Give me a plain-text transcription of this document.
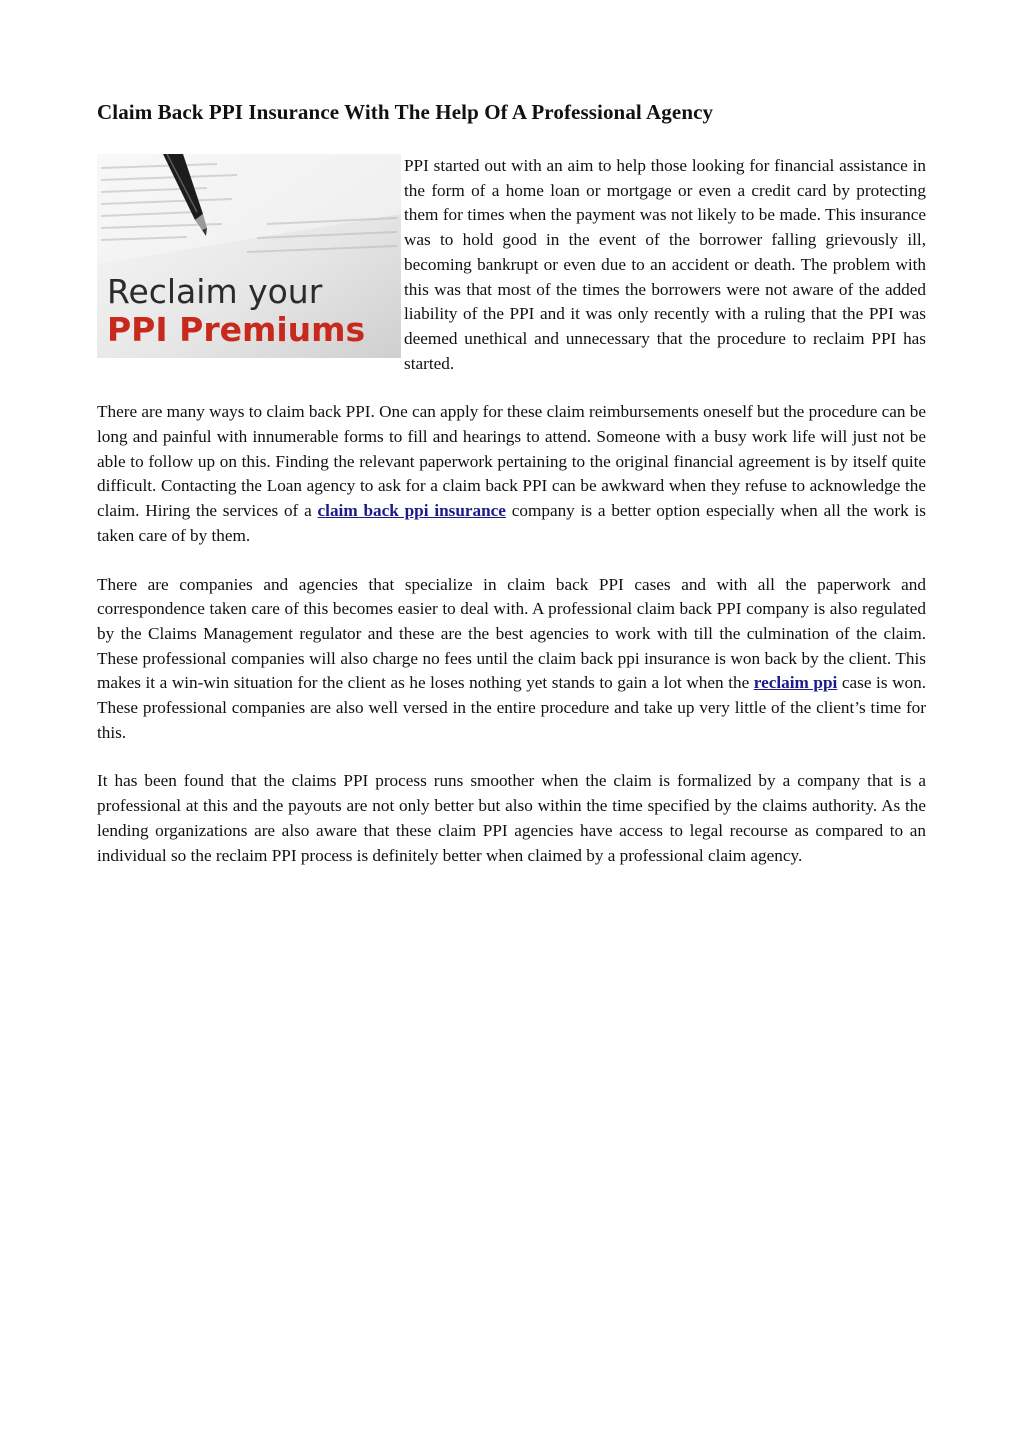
Claim Back PPI Insurance With The Help Of A Professional Agency
Reclaim your
PPI Premiums

PPI started out with an aim to help those looking for financial assistance in the form of a home loan or mortgage or even a credit card by protecting them for times when the payment was not likely to be made. This insurance was to hold good in the event of the borrower falling grievously ill, becoming bankrupt or even due to an accident or death. The problem with this was that most of the times the borrowers were not aware of the added liability of the PPI and it was only recently with a ruling that the PPI was deemed unethical and unnecessary that the procedure to reclaim PPI has started.

There are many ways to claim back PPI. One can apply for these claim reimbursements oneself but the procedure can be long and painful with innumerable forms to fill and hearings to attend. Someone with a busy work life will just not be able to follow up on this. Finding the relevant paperwork pertaining to the original financial agreement is by itself quite difficult. Contacting the Loan agency to ask for a claim back PPI can be awkward when they refuse to acknowledge the claim. Hiring the services of a claim back ppi insurance company is a better option especially when all the work is taken care of by them.

There are companies and agencies that specialize in claim back PPI cases and with all the paperwork and correspondence taken care of this becomes easier to deal with. A professional claim back PPI company is also regulated by the Claims Management regulator and these are the best agencies to work with till the culmination of the claim. These professional companies will also charge no fees until the claim back ppi insurance is won back by the client. This makes it a win-win situation for the client as he loses nothing yet stands to gain a lot when the reclaim ppi case is won. These professional companies are also well versed in the entire procedure and take up very little of the client’s time for this.

It has been found that the claims PPI process runs smoother when the claim is formalized by a company that is a professional at this and the payouts are not only better but also within the time specified by the claims authority. As the lending organizations are also aware that these claim PPI agencies have access to legal recourse as compared to an individual so the reclaim PPI process is definitely better when claimed by a professional claim agency.
